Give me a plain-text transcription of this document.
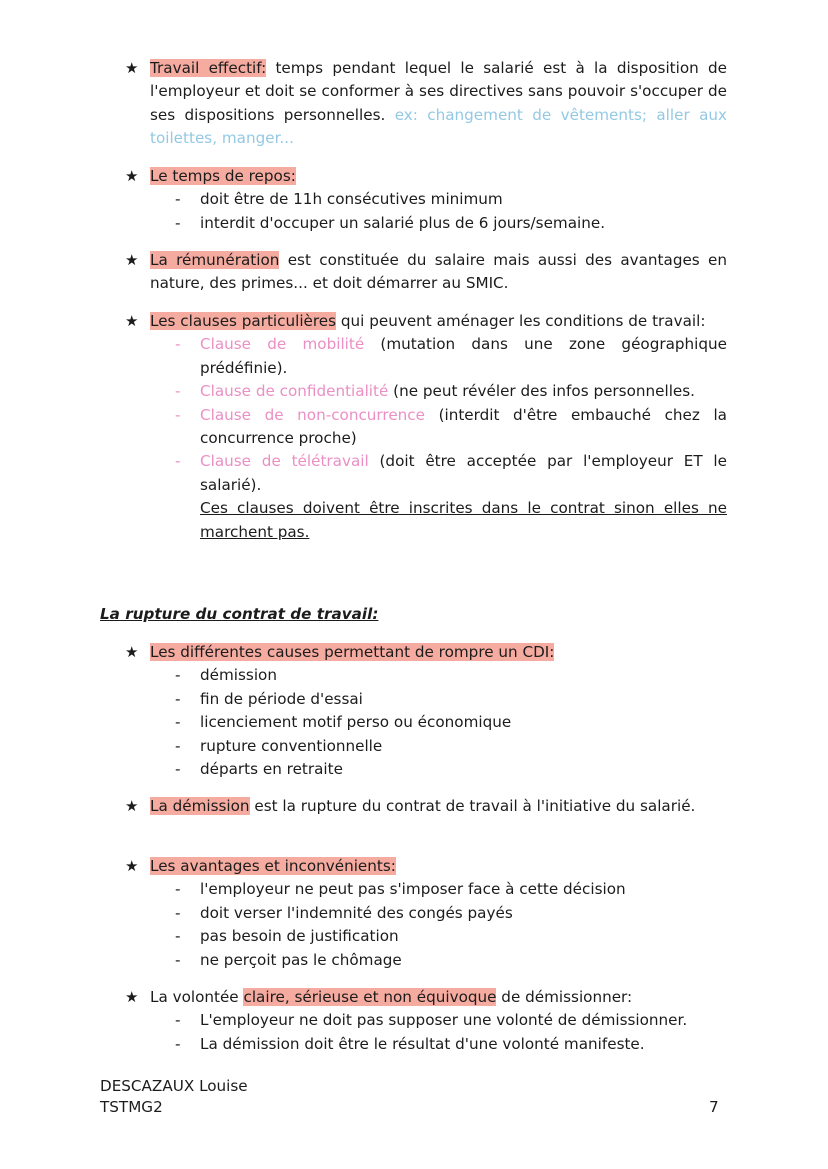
★ Travail effectif: temps pendant lequel le salarié est à la disposition de l'employeur et doit se conformer à ses directives sans pouvoir s'occuper de ses dispositions personnelles. ex: changement de vêtements; aller aux toilettes, manger...
★ Le temps de repos:
- doit être de 11h consécutives minimum
- interdit d'occuper un salarié plus de 6 jours/semaine.
★ La rémunération est constituée du salaire mais aussi des avantages en nature, des primes... et doit démarrer au SMIC.
★ Les clauses particulières qui peuvent aménager les conditions de travail:
- Clause de mobilité (mutation dans une zone géographique prédéfinie).
- Clause de confidentialité (ne peut révéler des infos personnelles.
- Clause de non-concurrence (interdit d'être embauché chez la concurrence proche)
- Clause de télétravail (doit être acceptée par l'employeur ET le salarié).
Ces clauses doivent être inscrites dans le contrat sinon elles ne marchent pas.
La rupture du contrat de travail:
★ Les différentes causes permettant de rompre un CDI:
- démission
- fin de période d'essai
- licenciement motif perso ou économique
- rupture conventionnelle
- départs en retraite
★ La démission est la rupture du contrat de travail à l'initiative du salarié.
★ Les avantages et inconvénients:
- l'employeur ne peut pas s'imposer face à cette décision
- doit verser l'indemnité des congés payés
- pas besoin de justification
- ne perçoit pas le chômage
★ La volontée claire, sérieuse et non équivoque de démissionner:
- L'employeur ne doit pas supposer une volonté de démissionner.
- La démission doit être le résultat d'une volonté manifeste.
DESCAZAUX Louise
TSTMG2	7
